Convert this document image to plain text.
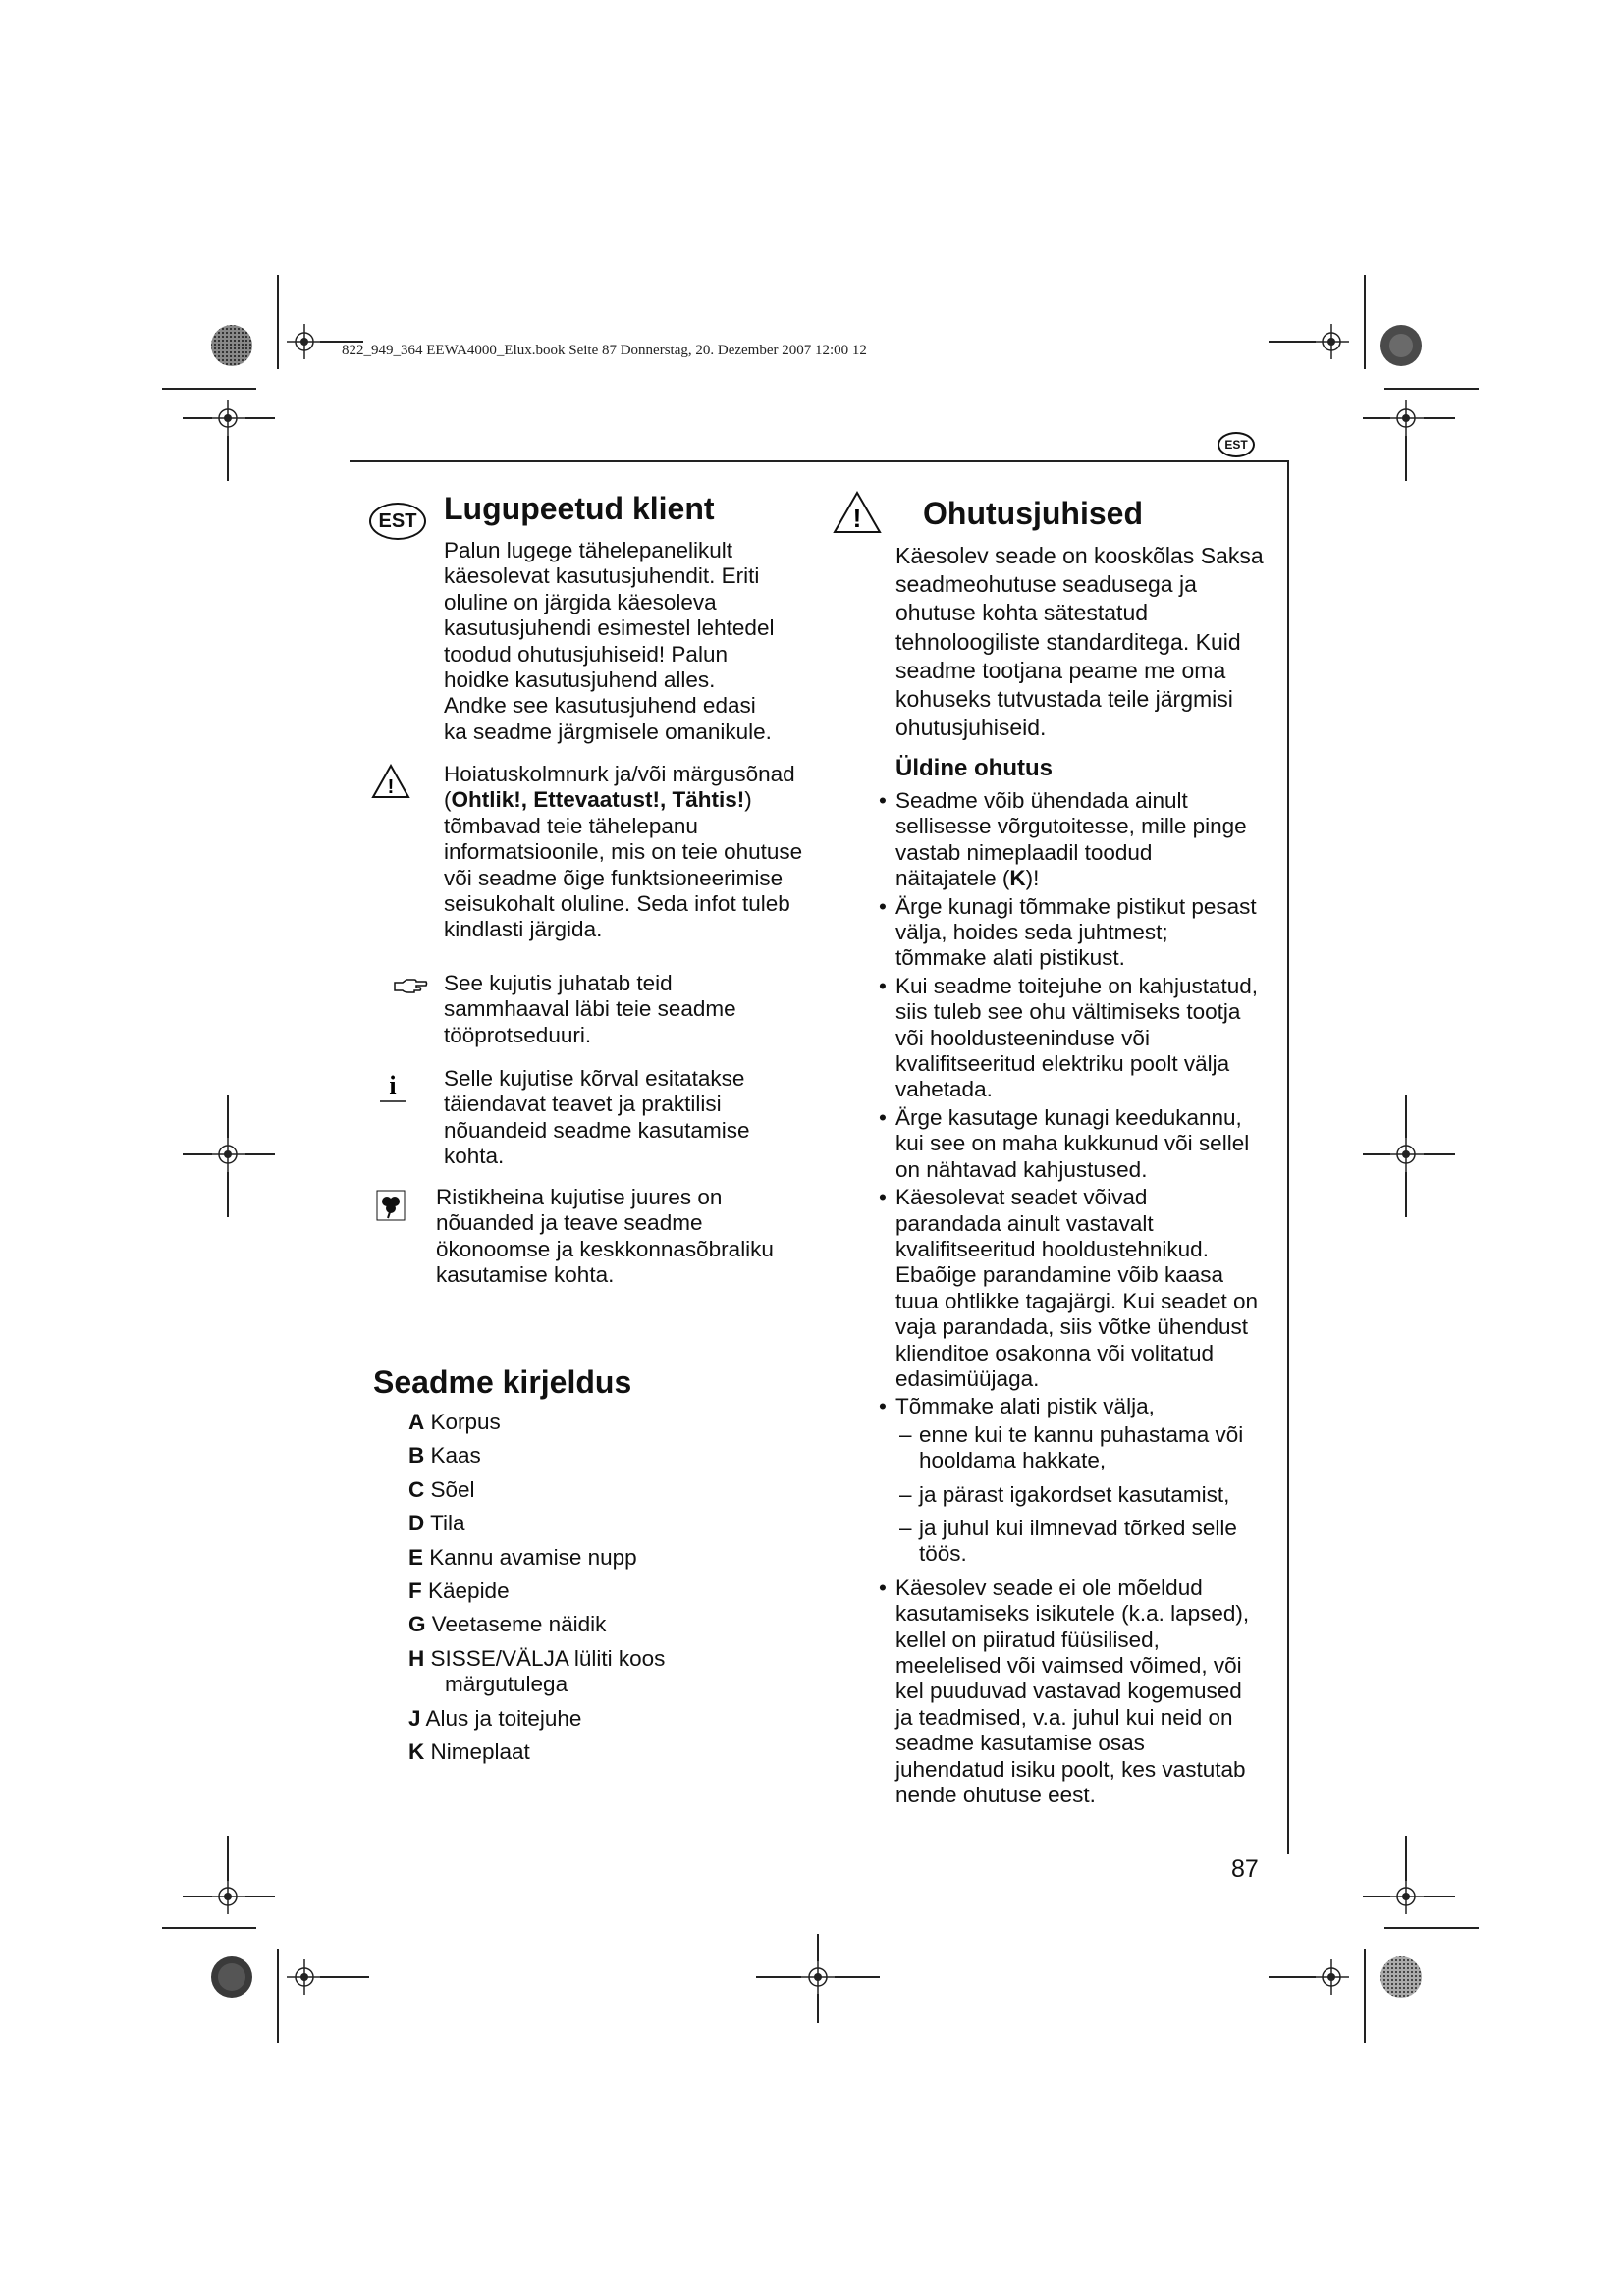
822_949_364 EEWA4000_Elux.book Seite 87 Donnerstag, 20. Dezember 2007 12:00 12
EST
EST Lugupeetud klient
Palun lugege tähelepanelikult käesolevat kasutusjuhendit. Eriti oluline on järgida käesoleva kasutusjuhendi esimestel lehtedel toodud ohutusjuhiseid! Palun hoidke kasutusjuhend alles. Andke see kasutusjuhend edasi ka seadme järgmisele omanikule.
!
Hoiatuskolmnurk ja/või märgusõnad (Ohtlik!, Ettevaatust!, Tähtis!) tõmbavad teie tähelepanu informatsioonile, mis on teie ohutuse või seadme õige funktsioneerimise seisukohalt oluline. Seda infot tuleb kindlasti järgida.
See kujutis juhatab teid sammhaaval läbi teie seadme tööprotseduuri.
i Selle kujutise kõrval esitatakse täiendavat teavet ja praktilisi nõuandeid seadme kasutamise kohta.
Ristikheina kujutise juures on nõuanded ja teave seadme ökonoomse ja keskkonnasõbraliku kasutamise kohta.
Seadme kirjeldus
A Korpus
B Kaas
C Sõel
D Tila
E Kannu avamise nupp
F Käepide
G Veetaseme näidik
H SISSE/VÄLJA lüliti koos märgutulega
J Alus ja toitejuhe
K Nimeplaat
! Ohutusjuhised
Käesolev seade on kooskõlas Saksa seadmeohutuse seadusega ja ohutuse kohta sätestatud tehnoloogiliste standarditega. Kuid seadme tootjana peame me oma kohuseks tutvustada teile järgmisi ohutusjuhiseid.
Üldine ohutus
• Seadme võib ühendada ainult sellisesse võrgutoitesse, mille pinge vastab nimeplaadil toodud näitajatele (K)!
• Ärge kunagi tõmmake pistikut pesast välja, hoides seda juhtmest; tõmmake alati pistikust.
• Kui seadme toitejuhe on kahjustatud, siis tuleb see ohu vältimiseks tootja või hooldusteeninduse või kvalifitseeritud elektriku poolt välja vahetada.
• Ärge kasutage kunagi keedukannu, kui see on maha kukkunud või sellel on nähtavad kahjustused.
• Käesolevat seadet võivad parandada ainult vastavalt kvalifitseeritud hooldustehnikud. Ebaõige parandamine võib kaasa tuua ohtlikke tagajärgi. Kui seadet on vaja parandada, siis võtke ühendust klienditoe osakonna või volitatud edasimüüjaga.
• Tõmmake alati pistik välja,
– enne kui te kannu puhastama või hooldama hakkate,
– ja pärast igakordset kasutamist,
– ja juhul kui ilmnevad tõrked selle töös.
• Käesolev seade ei ole mõeldud kasutamiseks isikutele (k.a. lapsed), kellel on piiratud füüsilised, meelelised või vaimsed võimed, või kel puuduvad vastavad kogemused ja teadmised, v.a. juhul kui neid on seadme kasutamise osas juhendatud isiku poolt, kes vastutab nende ohutuse eest.
87
